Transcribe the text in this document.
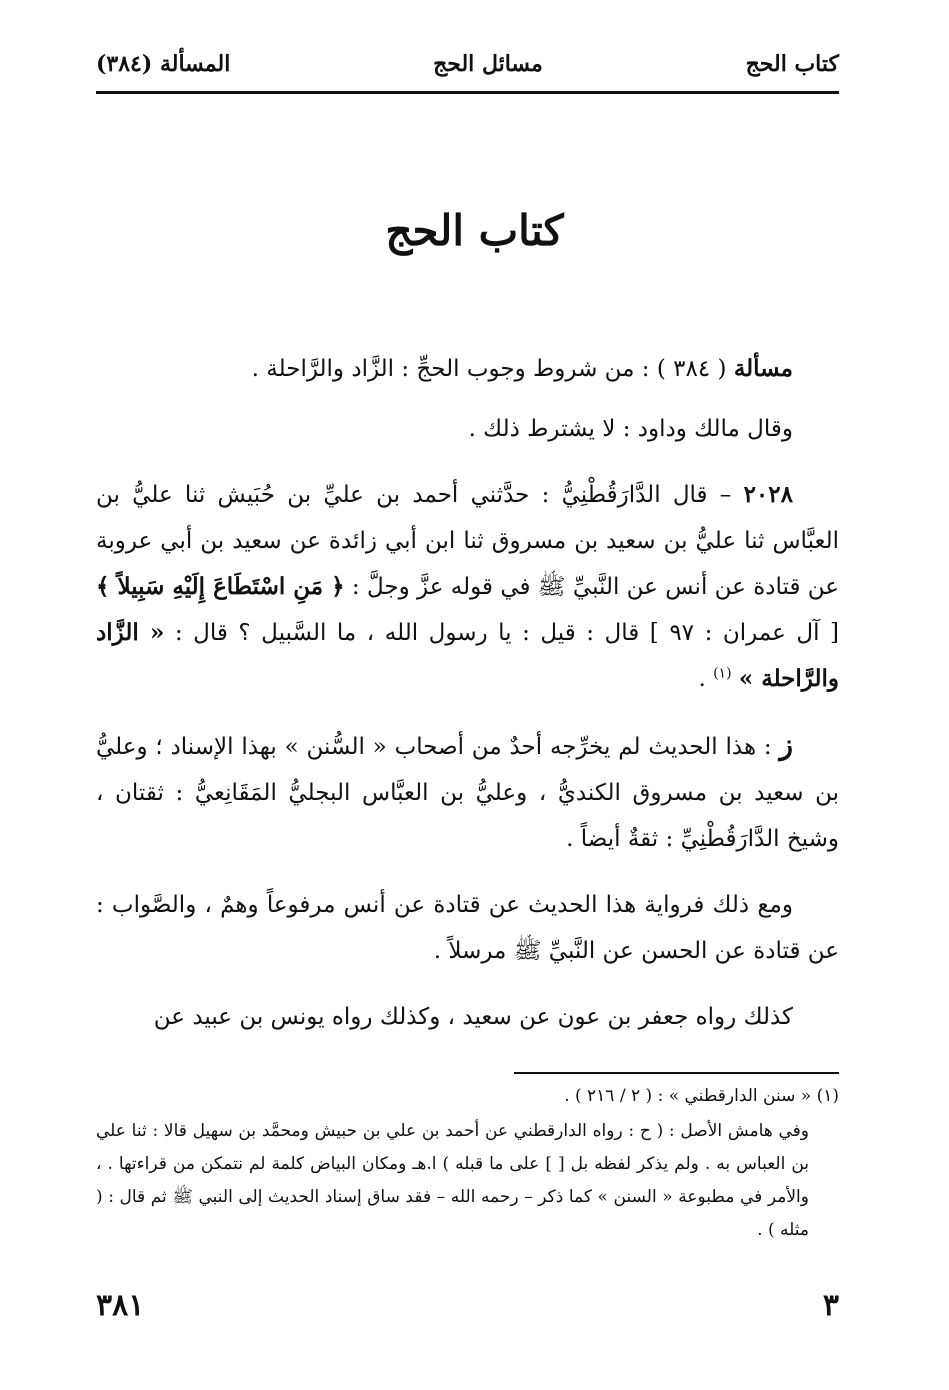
كتاب الحج
مسائل الحج
المسألة (٣٨٤)
كتاب الحج

مسألة ( ٣٨٤ ) : من شروط وجوب الحجِّ : الزَّاد والرَّاحلة .

وقال مالك وداود : لا يشترط ذلك .

٢٠٢٨ – قال الدَّارَقُطْنِيُّ : حدَّثني أحمد بن عليِّ بن حُبَيش ثنا عليُّ بن العبَّاس ثنا عليُّ بن سعيد بن مسروق ثنا ابن أبي زائدة عن سعيد بن أبي عروبة عن قتادة عن أنس عن النَّبيِّ ﷺ في قوله عزَّ وجلَّ : ﴿ مَنِ اسْتَطَاعَ إِلَيْهِ سَبِيلاً ﴾ [ آل عمران : ٩٧ ] قال : قيل : يا رسول الله ، ما السَّبيل ؟ قال : « الزَّاد والرَّاحلة » $^{(١)}$ .

ز : هذا الحديث لم يخرِّجه أحدٌ من أصحاب « السُّنن » بهذا الإسناد ؛ وعليُّ بن سعيد بن مسروق الكنديُّ ، وعليُّ بن العبَّاس البجليُّ المَقَانِعيُّ : ثقتان ، وشيخ الدَّارَقُطْنِيِّ : ثقةٌ أيضاً .

ومع ذلك فرواية هذا الحديث عن قتادة عن أنس مرفوعاً وهمٌ ، والصَّواب : عن قتادة عن الحسن عن النَّبيِّ ﷺ مرسلاً .

كذلك رواه جعفر بن عون عن سعيد ، وكذلك رواه يونس بن عبيد عن

(١) « سنن الدارقطني » : ( ٢ / ٢١٦ ) .

وفي هامش الأصل : ( ح : رواه الدارقطني عن أحمد بن علي بن حبيش ومحمَّد بن سهيل قالا : ثنا علي بن العباس به . ولم يذكر لفظه بل [ ] على ما قبله ) ا.هـ ومكان البياض كلمة لم نتمكن من قراءتها . ، والأمر في مطبوعة « السنن » كما ذكر – رحمه الله – فقد ساق إسناد الحديث إلى النبي ﷺ ثم قال : ( مثله ) .

٣
٣٨١
